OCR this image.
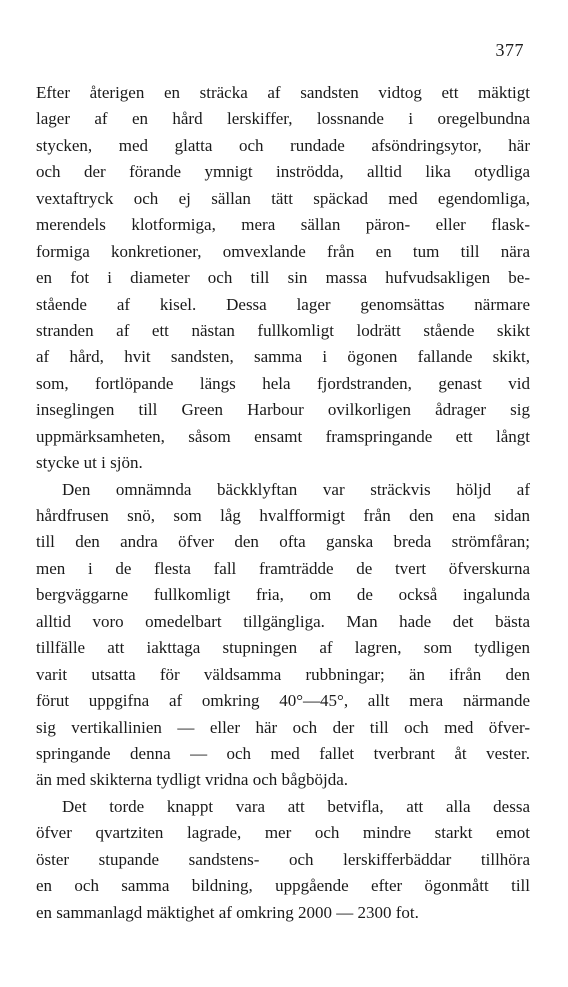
377
Efter återigen en sträcka af sandsten vidtog ett mäktigt
lager af en hård lerskiffer, lossnande i oregelbundna
stycken, med glatta och rundade afsöndringsytor, här
och der förande ymnigt inströdda, alltid lika otydliga
vextaftryck och ej sällan tätt späckad med egendomliga,
merendels klotformiga, mera sällan päron- eller flask-
formiga konkretioner, omvexlande från en tum till nära
en fot i diameter och till sin massa hufvudsakligen be-
stående af kisel. Dessa lager genomsättas närmare
stranden af ett nästan fullkomligt lodrätt stående skikt
af hård, hvit sandsten, samma i ögonen fallande skikt,
som, fortlöpande längs hela fjordstranden, genast vid
inseglingen till Green Harbour ovilkorligen ådrager sig
uppmärksamheten, såsom ensamt framspringande ett långt
stycke ut i sjön.
Den omnämnda bäckklyftan var sträckvis höljd af
hårdfrusen snö, som låg hvalfformigt från den ena sidan
till den andra öfver den ofta ganska breda strömfåran;
men i de flesta fall framträdde de tvert öfverskurna
bergväggarne fullkomligt fria, om de också ingalunda
alltid voro omedelbart tillgängliga. Man hade det bästa
tillfälle att iakttaga stupningen af lagren, som tydligen
varit utsatta för väldsamma rubbningar; än ifrån den
förut uppgifna af omkring 40°—45°, allt mera närmande
sig vertikallinien — eller här och der till och med öfver-
springande denna — och med fallet tverbrant åt vester.
än med skikterna tydligt vridna och bågböjda.
Det torde knappt vara att betvifla, att alla dessa
öfver qvartziten lagrade, mer och mindre starkt emot
öster stupande sandstens- och lerskifferbäddar tillhöra
en och samma bildning, uppgående efter ögonmått till
en sammanlagd mäktighet af omkring 2000 — 2300 fot.
